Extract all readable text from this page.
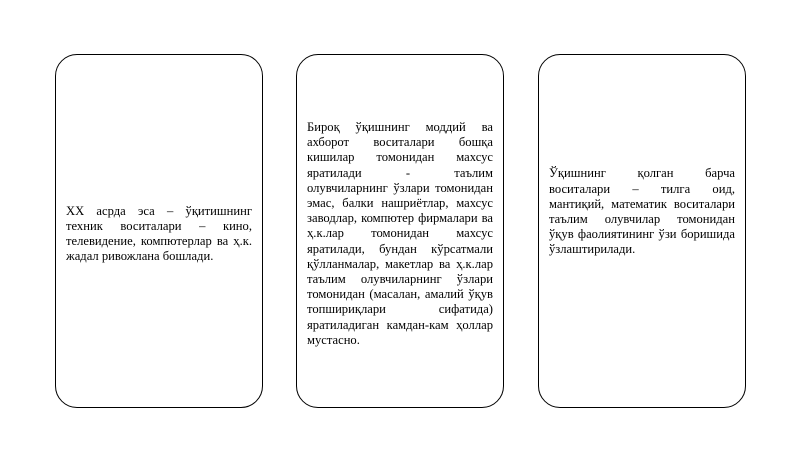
XX асрда эса – ўқитишнинг техник воситалари – кино, телевидение, компютерлар ва ҳ.к. жадал ривожлана бошлади.

Бироқ ўқишнинг моддий ва ахборот воситалари бошқа кишилар томонидан махсус яратилади - таълим олувчиларнинг ўзлари томонидан эмас, балки нашриётлар, махсус заводлар, компютер фирмалари ва ҳ.к.лар томонидан махсус яратилади, бундан кўрсатмали қўлланмалар, макетлар ва ҳ.к.лар таълим олувчиларнинг ўзлари томонидан (масалан, амалий ўқув топшириқлари сифатида) яратиладиган камдан-кам ҳоллар мустасно.

Ўқишнинг қолган барча воситалари – тилга оид, мантиқий, математик воситалари таълим олувчилар томонидан ўқув фаолиятининг ўзи боришида ўзлаштирилади.
